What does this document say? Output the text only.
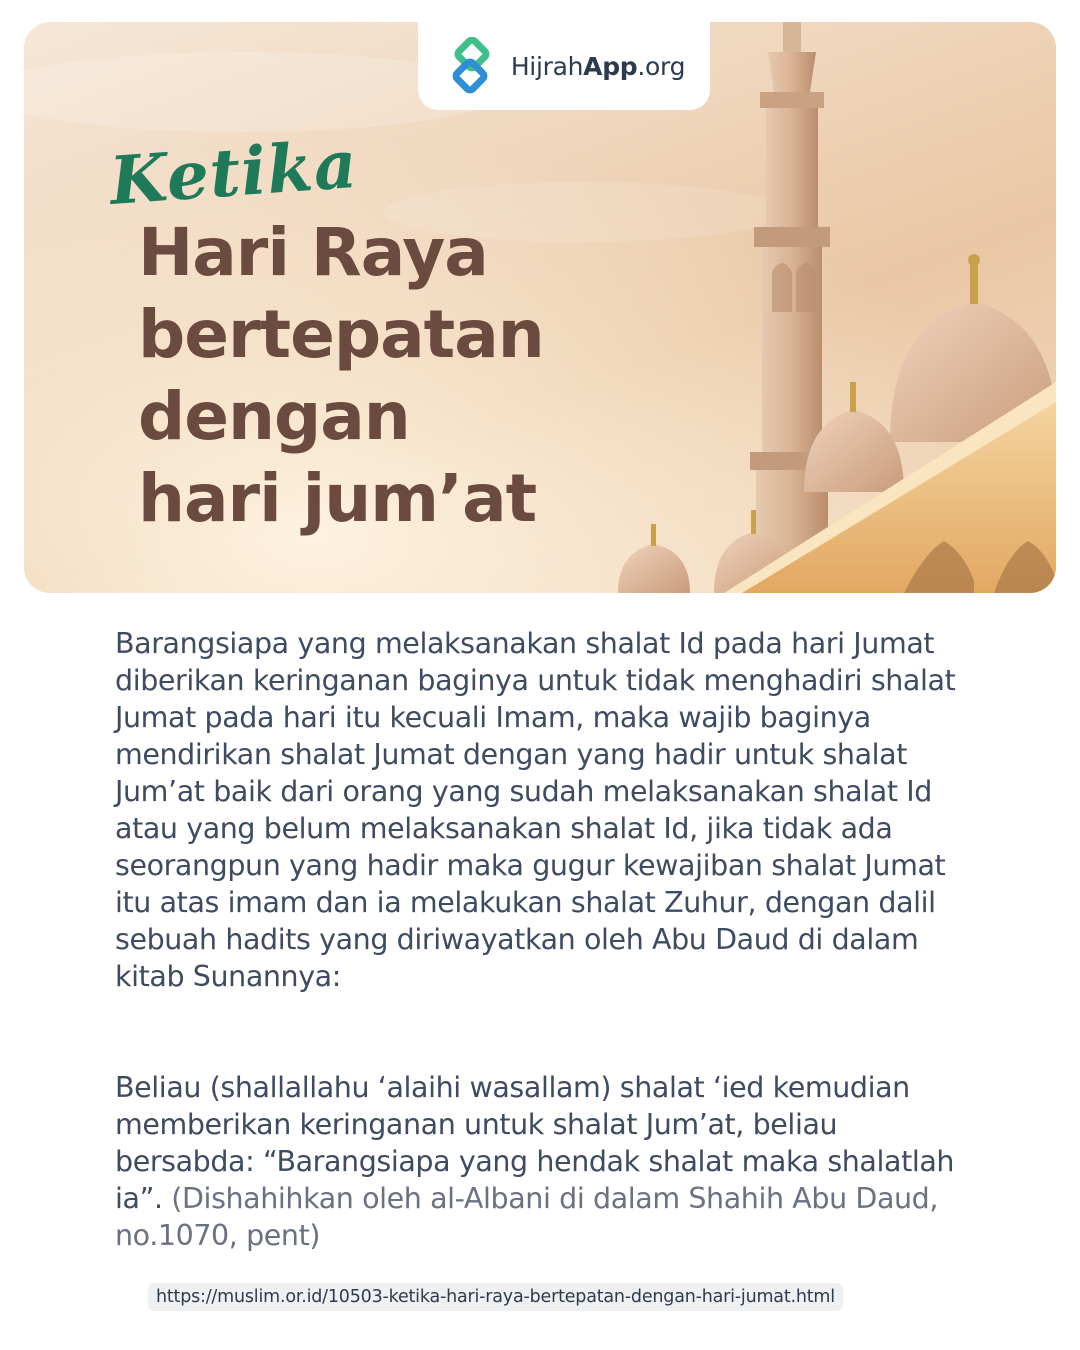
HijrahApp.org
Ketika
Hari Raya
bertepatan
dengan
hari jum’at

Barangsiapa yang melaksanakan shalat Id pada hari Jumat diberikan keringanan baginya untuk tidak menghadiri shalat Jumat pada hari itu kecuali Imam, maka wajib baginya mendirikan shalat Jumat dengan yang hadir untuk shalat Jum’at baik dari orang yang sudah melaksanakan shalat Id atau yang belum melaksanakan shalat Id, jika tidak ada seorangpun yang hadir maka gugur kewajiban shalat Jumat itu atas imam dan ia melakukan shalat Zuhur, dengan dalil sebuah hadits yang diriwayatkan oleh Abu Daud di dalam kitab Sunannya:

Beliau (shallallahu ‘alaihi wasallam) shalat ‘ied kemudian memberikan keringanan untuk shalat Jum’at, beliau bersabda: “Barangsiapa yang hendak shalat maka shalatlah ia”. (Dishahihkan oleh al-Albani di dalam Shahih Abu Daud, no.1070, pent)

https://muslim.or.id/10503-ketika-hari-raya-bertepatan-dengan-hari-jumat.html
